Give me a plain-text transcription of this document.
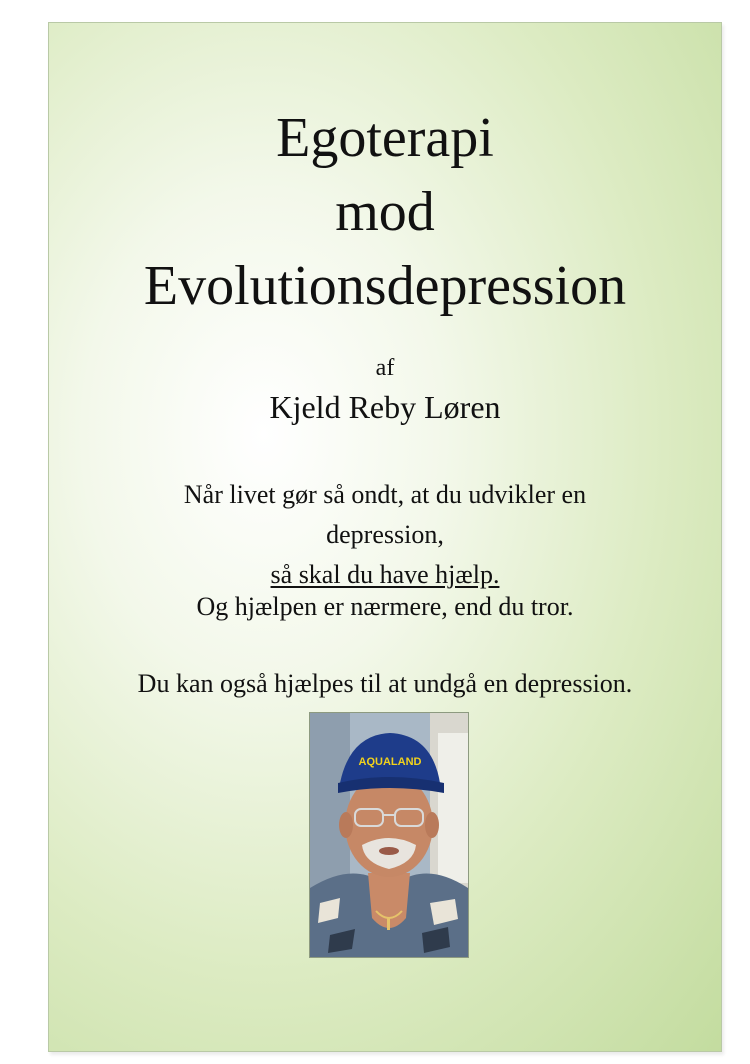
Egoterapi
mod
Evolutionsdepression
af
Kjeld Reby Løren
Når livet gør så ondt, at du udvikler en
depression,
så skal du have hjælp.
Og hjælpen er nærmere, end du tror.
Du kan også hjælpes til at undgå en depression.
AQUALAND
